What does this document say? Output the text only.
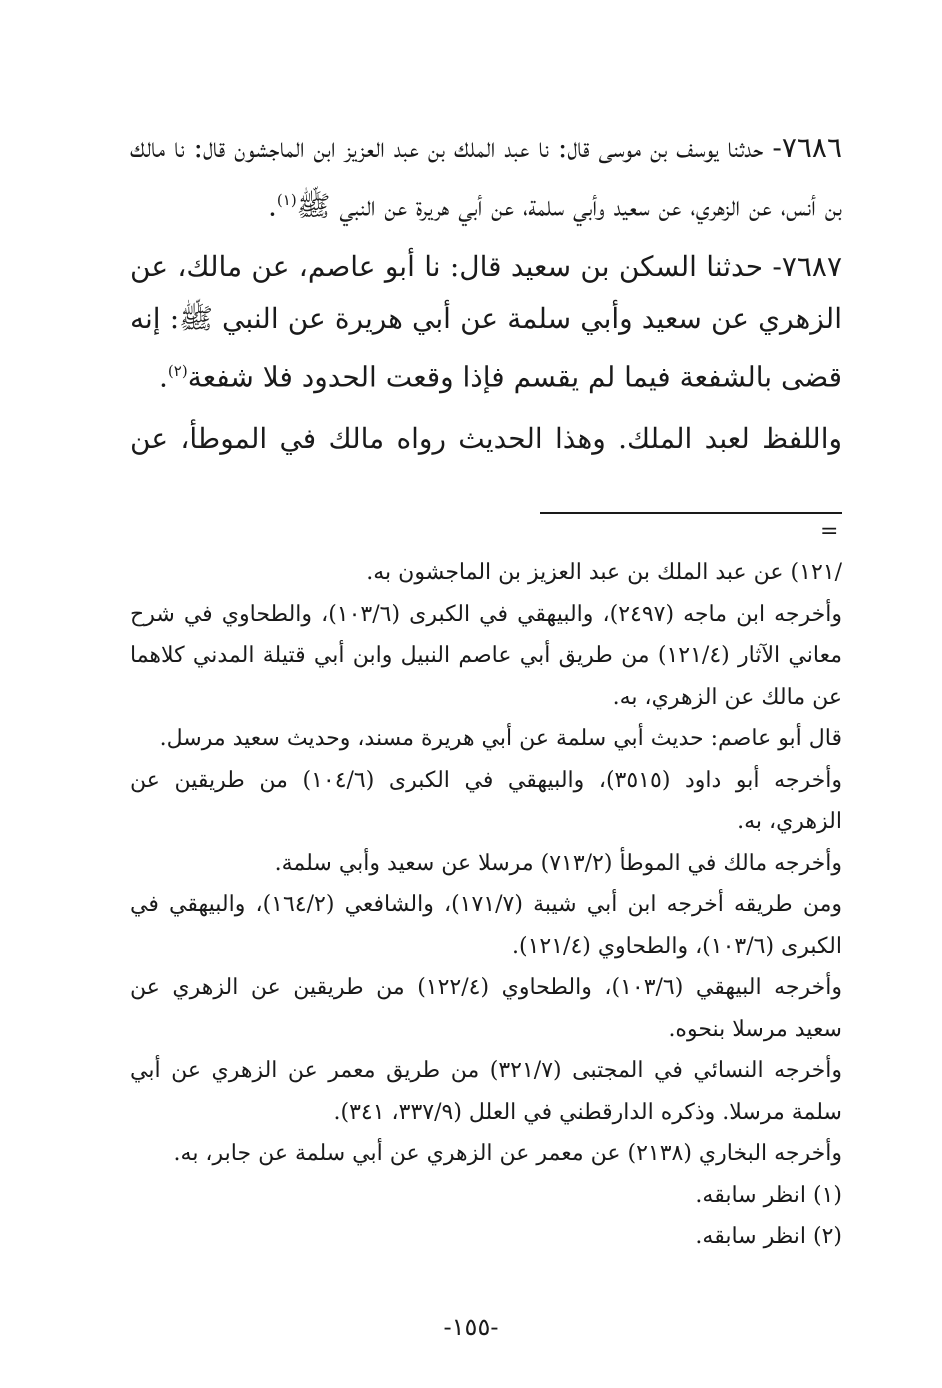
٧٦٨٦- حدثنا يوسف بن موسى قال: نا عبد الملك بن عبد العزيز ابن الماجشون قال: نا مالك بن أنس، عن الزهري، عن سعيد وأبي سلمة، عن أبي هريرة عن النبي ﷺ$^{(١)}$.

٧٦٨٧- حدثنا السكن بن سعيد قال: نا أبو عاصم، عن مالك، عن الزهري عن سعيد وأبي سلمة عن أبي هريرة عن النبي ﷺ: إنه قضى بالشفعة فيما لم يقسم فإذا وقعت الحدود فلا شفعة$^{(٢)}$.

واللفظ لعبد الملك. وهذا الحديث رواه مالك في الموطأ، عن

=

/١٢١) عن عبد الملك بن عبد العزيز بن الماجشون به.

وأخرجه ابن ماجه (٢٤٩٧)، والبيهقي في الكبرى (١٠٣/٦)، والطحاوي في شرح معاني الآثار (١٢١/٤) من طريق أبي عاصم النبيل وابن أبي قتيلة المدني كلاهما عن مالك عن الزهري، به.

قال أبو عاصم: حديث أبي سلمة عن أبي هريرة مسند، وحديث سعيد مرسل.

وأخرجه أبو داود (٣٥١٥)، والبيهقي في الكبرى (١٠٤/٦) من طريقين عن الزهري، به.

وأخرجه مالك في الموطأ (٧١٣/٢) مرسلا عن سعيد وأبي سلمة.

ومن طريقه أخرجه ابن أبي شيبة (١٧١/٧)، والشافعي (١٦٤/٢)، والبيهقي في الكبرى (١٠٣/٦)، والطحاوي (١٢١/٤).

وأخرجه البيهقي (١٠٣/٦)، والطحاوي (١٢٢/٤) من طريقين عن الزهري عن سعيد مرسلا بنحوه.

وأخرجه النسائي في المجتبى (٣٢١/٧) من طريق معمر عن الزهري عن أبي سلمة مرسلا. وذكره الدارقطني في العلل (٣٣٧/٩، ٣٤١).

وأخرجه البخاري (٢١٣٨) عن معمر عن الزهري عن أبي سلمة عن جابر، به.

(١) انظر سابقه.

(٢) انظر سابقه.

-١٥٥-
